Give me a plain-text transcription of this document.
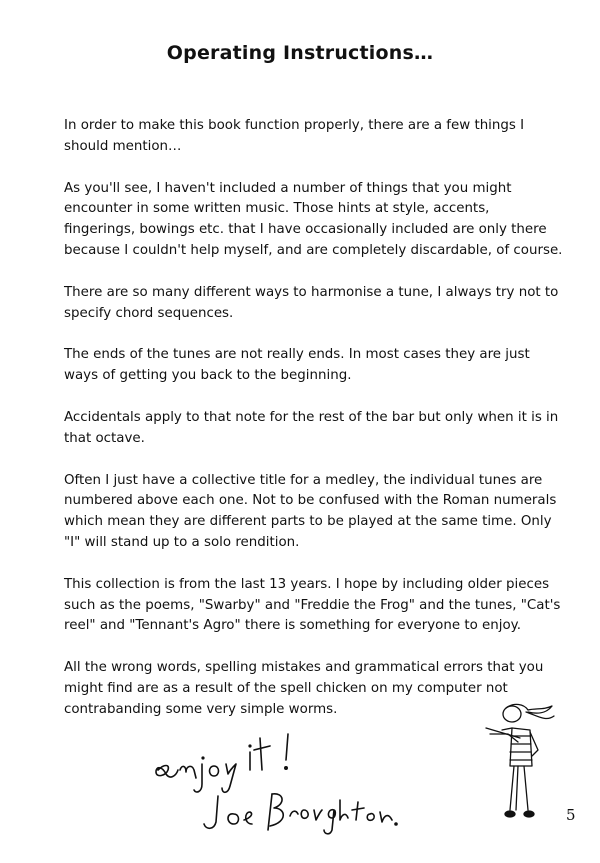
Operating Instructions…

In order to make this book function properly, there are a few things I should mention…

As you'll see, I haven't included a number of things that you might encounter in some written music. Those hints at style, accents, fingerings, bowings etc. that I have occasionally included are only there because I couldn't help myself, and are completely discardable, of course.

There are so many different ways to harmonise a tune, I always try not to specify chord sequences.

The ends of the tunes are not really ends. In most cases they are just ways of getting you back to the beginning.

Accidentals apply to that note for the rest of the bar but only when it is in that octave.

Often I just have a collective title for a medley, the individual tunes are numbered above each one. Not to be confused with the Roman numerals which mean they are different parts to be played at the same time. Only "I" will stand up to a solo rendition.

This collection is from the last 13 years. I hope by including older pieces such as the poems, "Swarby" and "Freddie the Frog" and the tunes, "Cat's reel" and "Tennant's Agro" there is something for everyone to enjoy.

All the wrong words, spelling mistakes and grammatical errors that you might find are as a result of the spell chicken on my computer not contrabanding some very simple worms.

5
